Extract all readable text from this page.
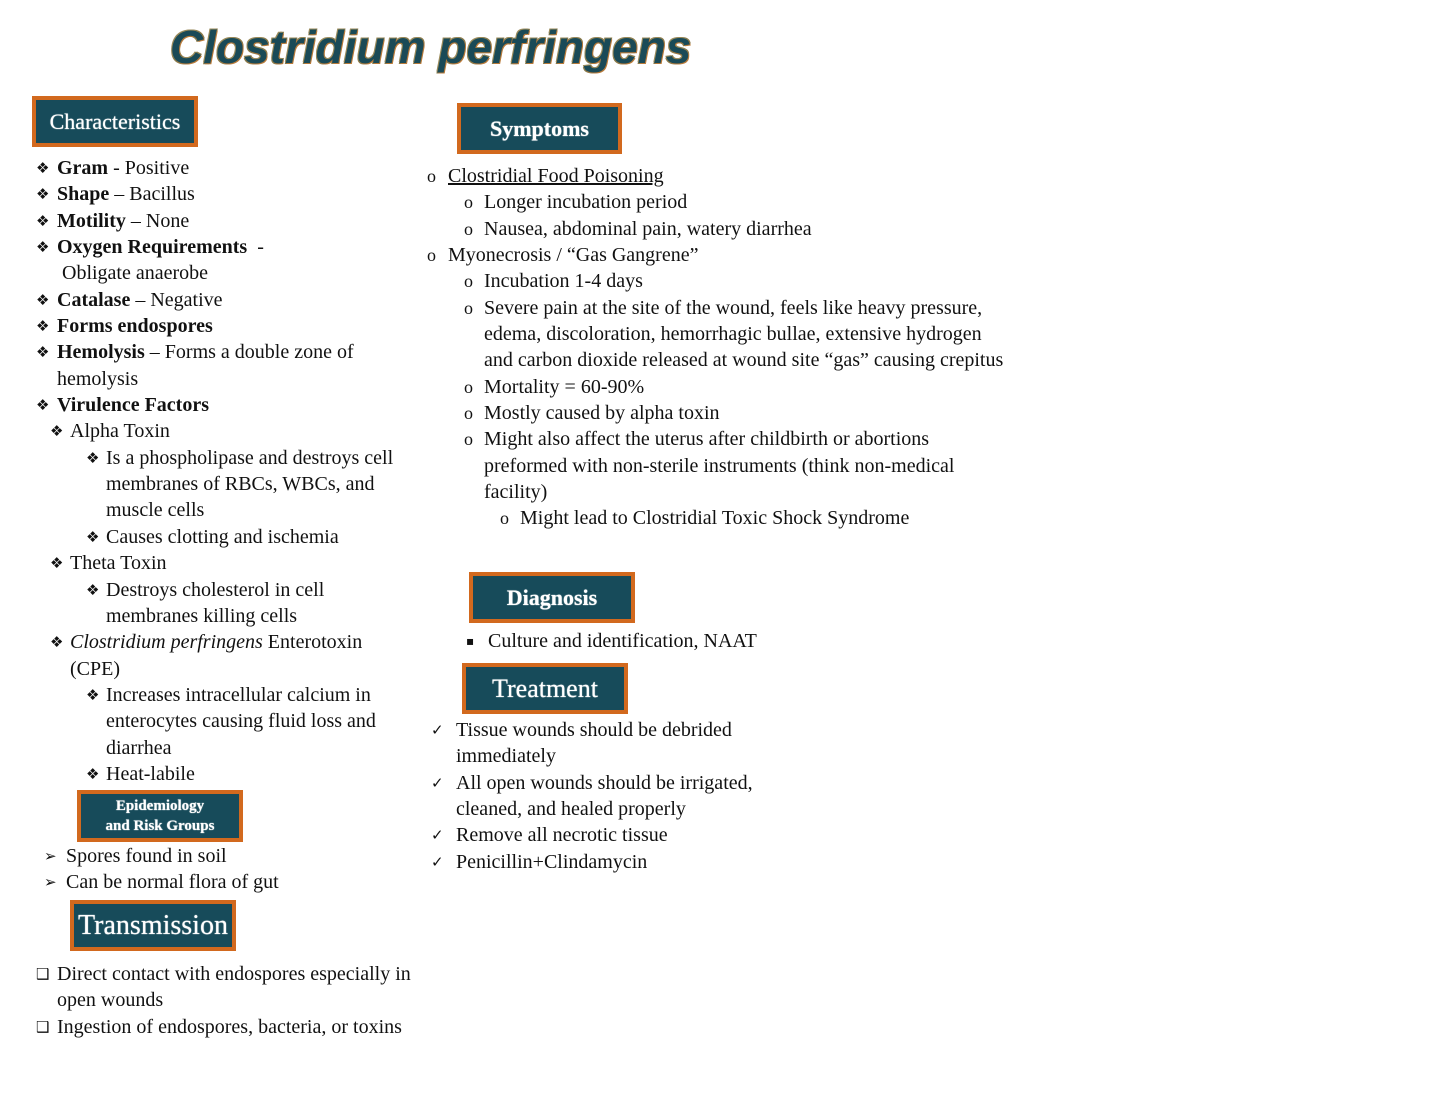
Clostridium perfringens
Characteristics
❖ Gram - Positive
❖ Shape – Bacillus
❖ Motility – None
❖ Oxygen Requirements  -
Obligate anaerobe
❖ Catalase – Negative
❖ Forms endospores
❖ Hemolysis – Forms a double zone of hemolysis
❖ Virulence Factors
❖ Alpha Toxin
❖ Is a phospholipase and destroys cell membranes of RBCs, WBCs, and muscle cells
❖ Causes clotting and ischemia
❖ Theta Toxin
❖ Destroys cholesterol in cell membranes killing cells
❖ Clostridium perfringens Enterotoxin (CPE)
❖ Increases intracellular calcium in enterocytes causing fluid loss and diarrhea
❖ Heat-labile
Epidemiology
and Risk Groups
➢ Spores found in soil
➢ Can be normal flora of gut
Transmission
❑ Direct contact with endospores especially in open wounds
❑ Ingestion of endospores, bacteria, or toxins
Symptoms
o Clostridial Food Poisoning
o Longer incubation period
o Nausea, abdominal pain, watery diarrhea
o Myonecrosis / “Gas Gangrene”
o Incubation 1-4 days
o Severe pain at the site of the wound, feels like heavy pressure, edema, discoloration, hemorrhagic bullae, extensive hydrogen and carbon dioxide released at wound site “gas” causing crepitus
o Mortality = 60-90%
o Mostly caused by alpha toxin
o Might also affect the uterus after childbirth or abortions preformed with non-sterile instruments (think non-medical facility)
o Might lead to Clostridial Toxic Shock Syndrome
Diagnosis
▪ Culture and identification, NAAT
Treatment
✓ Tissue wounds should be debrided immediately
✓ All open wounds should be irrigated, cleaned, and healed properly
✓ Remove all necrotic tissue
✓ Penicillin+Clindamycin
